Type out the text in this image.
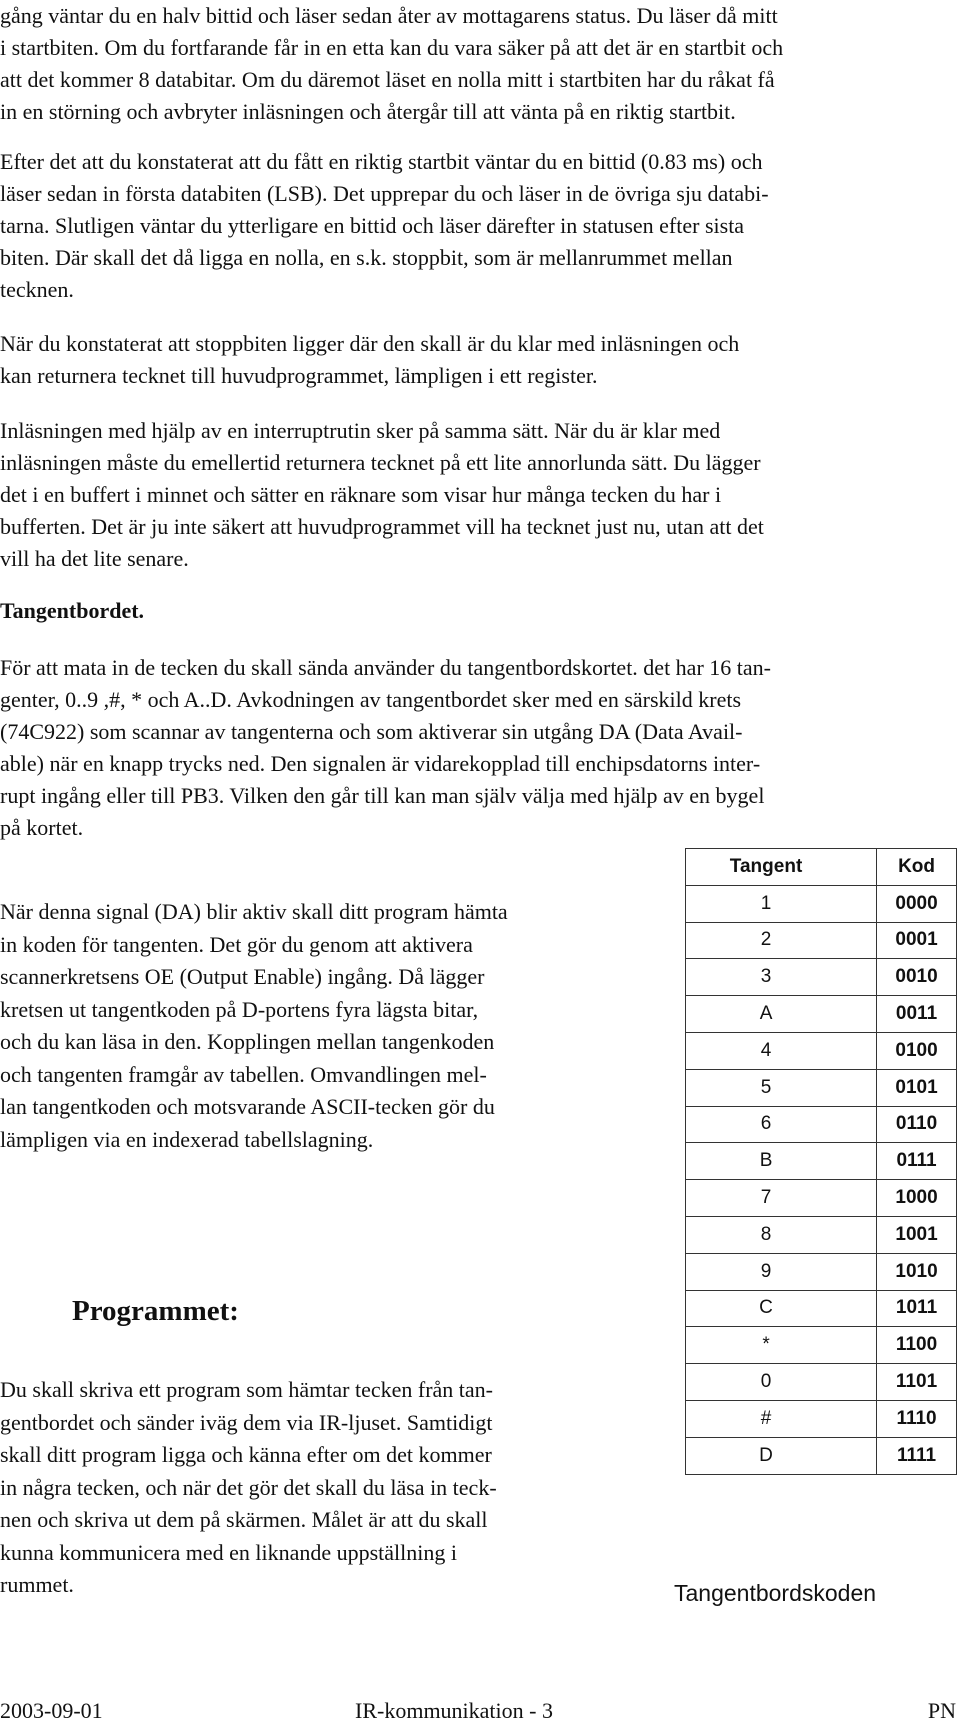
gång väntar du en halv bittid och läser sedan åter av mottagarens status. Du läser då mitt
i startbiten. Om du fortfarande får in en etta kan du vara säker på att det är en startbit och
att det kommer 8 databitar. Om du däremot läset en nolla mitt i startbiten har du råkat få
in en störning och avbryter inläsningen och återgår till att vänta på en riktig startbit.

Efter det att du konstaterat att du fått en riktig startbit väntar du en bittid (0.83 ms) och
läser sedan in första databiten (LSB). Det upprepar du och läser in de övriga sju databi-
tarna. Slutligen väntar du ytterligare en bittid och läser därefter in statusen efter sista
biten. Där skall det då ligga en nolla, en s.k. stoppbit, som är mellanrummet mellan
tecknen.

När du konstaterat att stoppbiten ligger där den skall är du klar med inläsningen och
kan returnera tecknet till huvudprogrammet, lämpligen i ett register.

Inläsningen med hjälp av en interruptrutin sker på samma sätt. När du är klar med
inläsningen måste du emellertid returnera tecknet på ett lite annorlunda sätt. Du lägger
det i en buffert i minnet och sätter en räknare som visar hur många tecken du har i
bufferten. Det är ju inte säkert att huvudprogrammet vill ha tecknet just nu, utan att det
vill ha det lite senare.

Tangentbordet.

För att mata in de tecken du skall sända använder du tangentbordskortet. det har 16 tan-
genter, 0..9 ,#, * och A..D. Avkodningen av tangentbordet sker med en särskild krets
(74C922) som scannar av tangenterna och som aktiverar sin utgång DA (Data Avail-
able) när en knapp trycks ned. Den signalen är vidarekopplad till enchipsdatorns inter-
rupt ingång eller till PB3. Vilken den går till kan man själv välja med hjälp av en bygel
på kortet.

När denna signal (DA) blir aktiv skall ditt program hämta
in koden för tangenten. Det gör du genom att aktivera
scannerkretsens OE (Output Enable) ingång. Då lägger
kretsen ut tangentkoden på D-portens fyra lägsta bitar,
och du kan läsa in den. Kopplingen mellan tangenkoden
och tangenten framgår av tabellen. Omvandlingen mel-
lan tangentkoden och motsvarande ASCII-tecken gör du
lämpligen via en indexerad tabellslagning.

Programmet:

Du skall skriva ett program som hämtar tecken från tan-
gentbordet och sänder iväg dem via IR-ljuset. Samtidigt
skall ditt program ligga och känna efter om det kommer
in några tecken, och när det gör det skall du läsa in teck-
nen och skriva ut dem på skärmen. Målet är att du skall
kunna kommunicera med en liknande uppställning i
rummet.

Tangent	Kod
1	0000
2	0001
3	0010
A	0011
4	0100
5	0101
6	0110
B	0111
7	1000
8	1001
9	1010
C	1011
*	1100
0	1101
#	1110
D	1111
Tangentbordskoden
2003-09-01	IR-kommunikation - 3	PN
